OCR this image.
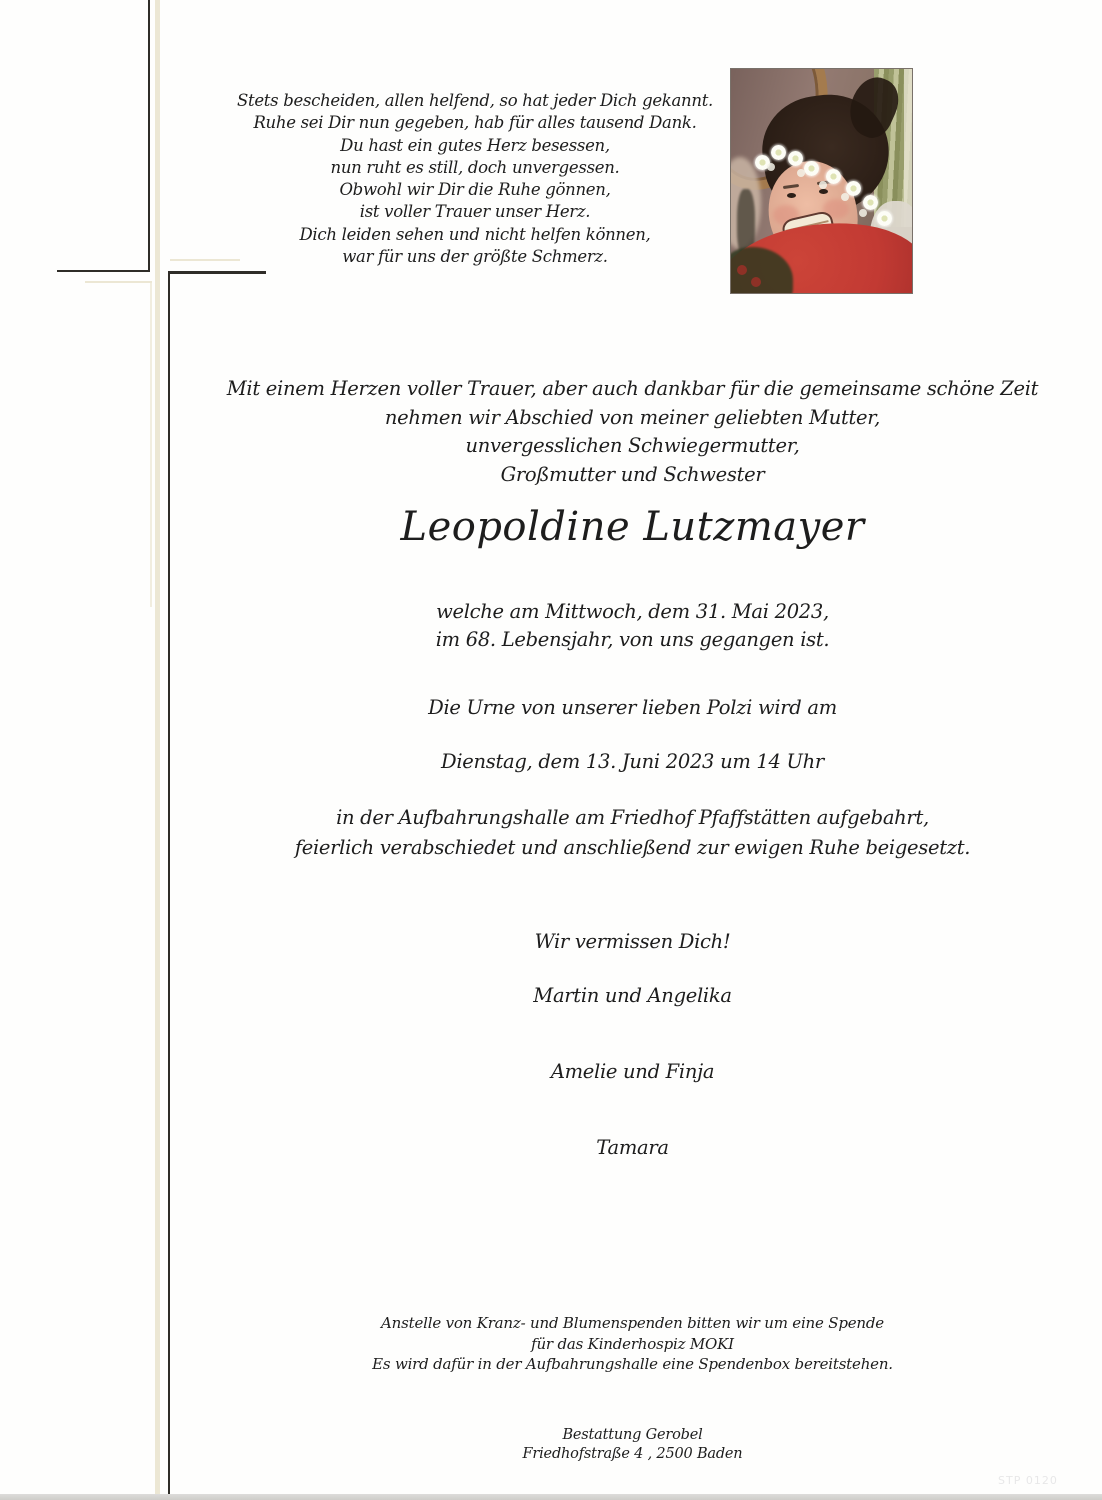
Stets bescheiden, allen helfend, so hat jeder Dich gekannt.
Ruhe sei Dir nun gegeben, hab für alles tausend Dank.
Du hast ein gutes Herz besessen,
nun ruht es still, doch unvergessen.
Obwohl wir Dir die Ruhe gönnen,
ist voller Trauer unser Herz.
Dich leiden sehen und nicht helfen können,
war für uns der größte Schmerz.
Mit einem Herzen voller Trauer, aber auch dankbar für die gemeinsame schöne Zeit
nehmen wir Abschied von meiner geliebten Mutter,
unvergesslichen Schwiegermutter,
Großmutter und Schwester
Leopoldine Lutzmayer
welche am Mittwoch, dem 31. Mai 2023,
im 68. Lebensjahr, von uns gegangen ist.
Die Urne von unserer lieben Polzi wird am
Dienstag, dem 13. Juni 2023 um 14 Uhr
in der Aufbahrungshalle am Friedhof Pfaffstätten aufgebahrt,
feierlich verabschiedet und anschließend zur ewigen Ruhe beigesetzt.
Wir vermissen Dich!
Martin und Angelika
Amelie und Finja
Tamara
Anstelle von Kranz- und Blumenspenden bitten wir um eine Spende
für das Kinderhospiz MOKI
Es wird dafür in der Aufbahrungshalle eine Spendenbox bereitstehen.
Bestattung Gerobel
Friedhofstraße 4 , 2500 Baden
STP 0120
